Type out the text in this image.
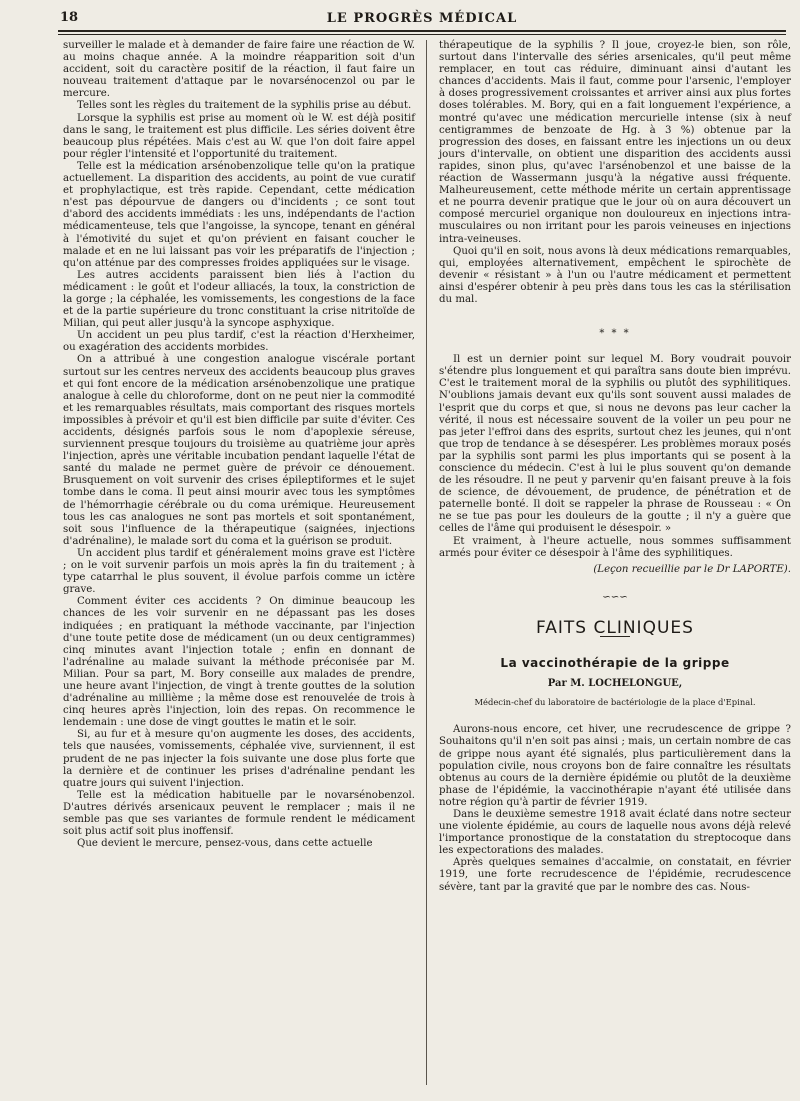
18	LE PROGRÈS MÉDICAL

surveiller le malade et à demander de faire faire une réaction de W. au moins chaque année. A la moindre réapparition soit d'un accident, soit du caractère positif de la réaction, il faut faire un nouveau traitement d'attaque par le novarsénocenzol ou par le mercure.

Telles sont les règles du traitement de la syphilis prise au début.

Lorsque la syphilis est prise au moment où le W. est déjà positif dans le sang, le traitement est plus difficile. Les séries doivent être beaucoup plus répétées. Mais c'est au W. que l'on doit faire appel pour régler l'intensité et l'opportunité du traitement.

Telle est la médication arsénobenzolique telle qu'on la pratique actuellement. La disparition des accidents, au point de vue curatif et prophylactique, est très rapide. Cependant, cette médication n'est pas dépourvue de dangers ou d'incidents ; ce sont tout d'abord des accidents immédiats : les uns, indépendants de l'action médicamenteuse, tels que l'angoisse, la syncope, tenant en général à l'émotivité du sujet et qu'on prévient en faisant coucher le malade et en ne lui laissant pas voir les préparatifs de l'injection ; qu'on atténue par des compresses froides appliquées sur le visage.

Les autres accidents paraissent bien liés à l'action du médicament : le goût et l'odeur alliacés, la toux, la constriction de la gorge ; la céphalée, les vomissements, les congestions de la face et de la partie supérieure du tronc constituant la crise nitritoïde de Milian, qui peut aller jusqu'à la syncope asphyxique.

Un accident un peu plus tardif, c'est la réaction d'Herxheimer, ou exagération des accidents morbides.

On a attribué à une congestion analogue viscérale portant surtout sur les centres nerveux des accidents beaucoup plus graves et qui font encore de la médication arsénobenzolique une pratique analogue à celle du chloroforme, dont on ne peut nier la commodité et les remarquables résultats, mais comportant des risques mortels impossibles à prévoir et qu'il est bien difficile par suite d'éviter. Ces accidents, désignés parfois sous le nom d'apoplexie séreuse, surviennent presque toujours du troisième au quatrième jour après l'injection, après une véritable incubation pendant laquelle l'état de santé du malade ne permet guère de prévoir ce dénouement. Brusquement on voit survenir des crises épileptiformes et le sujet tombe dans le coma. Il peut ainsi mourir avec tous les symptômes de l'hémorrhagie cérébrale ou du coma urémique. Heureusement tous les cas analogues ne sont pas mortels et soit spontanément, soit sous l'influence de la thérapeutique (saignées, injections d'adrénaline), le malade sort du coma et la guérison se produit.

Un accident plus tardif et généralement moins grave est l'ictère ; on le voit survenir parfois un mois après la fin du traitement ; à type catarrhal le plus souvent, il évolue parfois comme un ictère grave.

Comment éviter ces accidents ? On diminue beaucoup les chances de les voir survenir en ne dépassant pas les doses indiquées ; en pratiquant la méthode vaccinante, par l'injection d'une toute petite dose de médicament (un ou deux centigrammes) cinq minutes avant l'injection totale ; enfin en donnant de l'adrénaline au malade suivant la méthode préconisée par M. Milian. Pour sa part, M. Bory conseille aux malades de prendre, une heure avant l'injection, de vingt à trente gouttes de la solution d'adrénaline au millième ; la même dose est renouvelée de trois à cinq heures après l'injection, loin des repas. On recommence le lendemain : une dose de vingt gouttes le matin et le soir.

Si, au fur et à mesure qu'on augmente les doses, des accidents, tels que nausées, vomissements, céphalée vive, surviennent, il est prudent de ne pas injecter la fois suivante une dose plus forte que la dernière et de continuer les prises d'adrénaline pendant les quatre jours qui suivent l'injection.

Telle est la médication habituelle par le novarsénobenzol. D'autres dérivés arsenicaux peuvent le remplacer ; mais il ne semble pas que ses variantes de formule rendent le médicament soit plus actif soit plus inoffensif.

Que devient le mercure, pensez-vous, dans cette actuelle

thérapeutique de la syphilis ? Il joue, croyez-le bien, son rôle, surtout dans l'intervalle des séries arsenicales, qu'il peut même remplacer, en tout cas réduire, diminuant ainsi d'autant les chances d'accidents. Mais il faut, comme pour l'arsenic, l'employer à doses progressivement croissantes et arriver ainsi aux plus fortes doses tolérables. M. Bory, qui en a fait longuement l'expérience, a montré qu'avec une médication mercurielle intense (six à neuf centigrammes de benzoate de Hg. à 3 %) obtenue par la progression des doses, en faissant entre les injections un ou deux jours d'intervalle, on obtient une disparition des accidents aussi rapides, sinon plus, qu'avec l'arsénobenzol et une baisse de la réaction de Wassermann jusqu'à la négative aussi fréquente. Malheureusement, cette méthode mérite un certain apprentissage et ne pourra devenir pratique que le jour où on aura découvert un composé mercuriel organique non douloureux en injections intra-musculaires ou non irritant pour les parois veineuses en injections intra-veineuses.

Quoi qu'il en soit, nous avons là deux médications remarquables, qui, employées alternativement, empêchent le spirochète de devenir « résistant » à l'un ou l'autre médicament et permettent ainsi d'espérer obtenir à peu près dans tous les cas la stérilisation du mal.

* * *

Il est un dernier point sur lequel M. Bory voudrait pouvoir s'étendre plus longuement et qui paraîtra sans doute bien imprévu. C'est le traitement moral de la syphilis ou plutôt des syphilitiques. N'oublions jamais devant eux qu'ils sont souvent aussi malades de l'esprit que du corps et que, si nous ne devons pas leur cacher la vérité, il nous est nécessaire souvent de la voiler un peu pour ne pas jeter l'effroi dans des esprits, surtout chez les jeunes, qui n'ont que trop de tendance à se désespérer. Les problèmes moraux posés par la syphilis sont parmi les plus importants qui se posent à la conscience du médecin. C'est à lui le plus souvent qu'on demande de les résoudre. Il ne peut y parvenir qu'en faisant preuve à la fois de science, de dévouement, de prudence, de pénétration et de paternelle bonté. Il doit se rappeler la phrase de Rousseau : « On ne se tue pas pour les douleurs de la goutte ; il n'y a guère que celles de l'âme qui produisent le désespoir. »

Et vraiment, à l'heure actuelle, nous sommes suffisamment armés pour éviter ce désespoir à l'âme des syphilitiques.

(Leçon recueillie par le Dr LAPORTE).

∽∽∽
FAITS CLINIQUES
La vaccinothérapie de la grippe
Par M. LOCHELONGUE,
Médecin-chef du laboratoire de bactériologie de la place d'Epinal.

Aurons-nous encore, cet hiver, une recrudescence de grippe ? Souhaitons qu'il n'en soit pas ainsi ; mais, un certain nombre de cas de grippe nous ayant été signalés, plus particulièrement dans la population civile, nous croyons bon de faire connaître les résultats obtenus au cours de la dernière épidémie ou plutôt de la deuxième phase de l'épidémie, la vaccinothérapie n'ayant été utilisée dans notre région qu'à partir de février 1919.

Dans le deuxième semestre 1918 avait éclaté dans notre secteur une violente épidémie, au cours de laquelle nous avons déjà relevé l'importance pronostique de la constatation du streptocoque dans les expectorations des malades.

Après quelques semaines d'accalmie, on constatait, en février 1919, une forte recrudescence de l'épidémie, recrudescence sévère, tant par la gravité que par le nombre des cas. Nous-
